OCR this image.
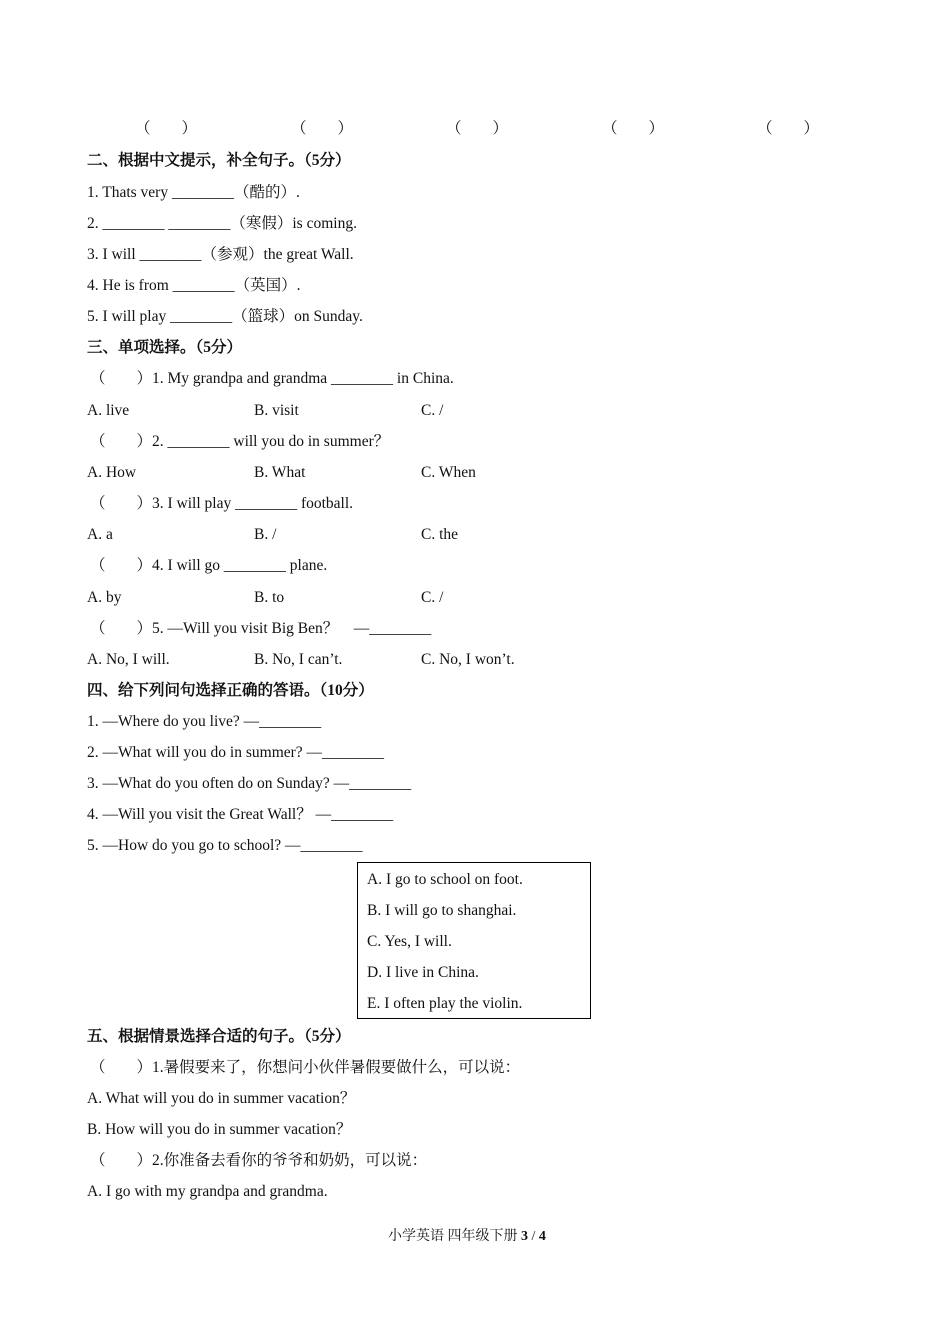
（　　）	（　　）	（　　）	（　　）	（　　）
二、根据中文提示，补全句子。（5分）
1. Thats very ________（酷的）.
2. ________ ________（寒假）is coming.
3. I will ________（参观）the great Wall.
4. He is from ________（英国）.
5. I will play ________（篮球）on Sunday.
三、单项选择。（5分）
（　　）1. My grandpa and grandma ________ in China.
A. live	B. visit	C. /
（　　）2. ________ will you do in summer？
A. How	B. What	C. When
（　　）3. I will play ________ football.
A. a	B. /	C. the
（　　）4. I will go ________ plane.
A. by	B. to	C. /
（　　）5. —Will you visit Big Ben？　—________
A. No, I will.	B. No, I can’t.	C. No, I won’t.
四、给下列问句选择正确的答语。（10分）
1. —Where do you live? —________
2. —What will you do in summer? —________
3. —What do you often do on Sunday? —________
4. —Will you visit the Great Wall？ —________
5. —How do you go to school? —________
A. I go to school on foot.
B. I will go to shanghai.
C. Yes, I will.
D. I live in China.
E. I often play the violin.
五、根据情景选择合适的句子。（5分）
（　　）1.暑假要来了，你想问小伙伴暑假要做什么，可以说：
A. What will you do in summer vacation？
B. How will you do in summer vacation？
（　　）2.你准备去看你的爷爷和奶奶，可以说：
A. I go with my grandpa and grandma.
小学英语 四年级下册 3 / 4
